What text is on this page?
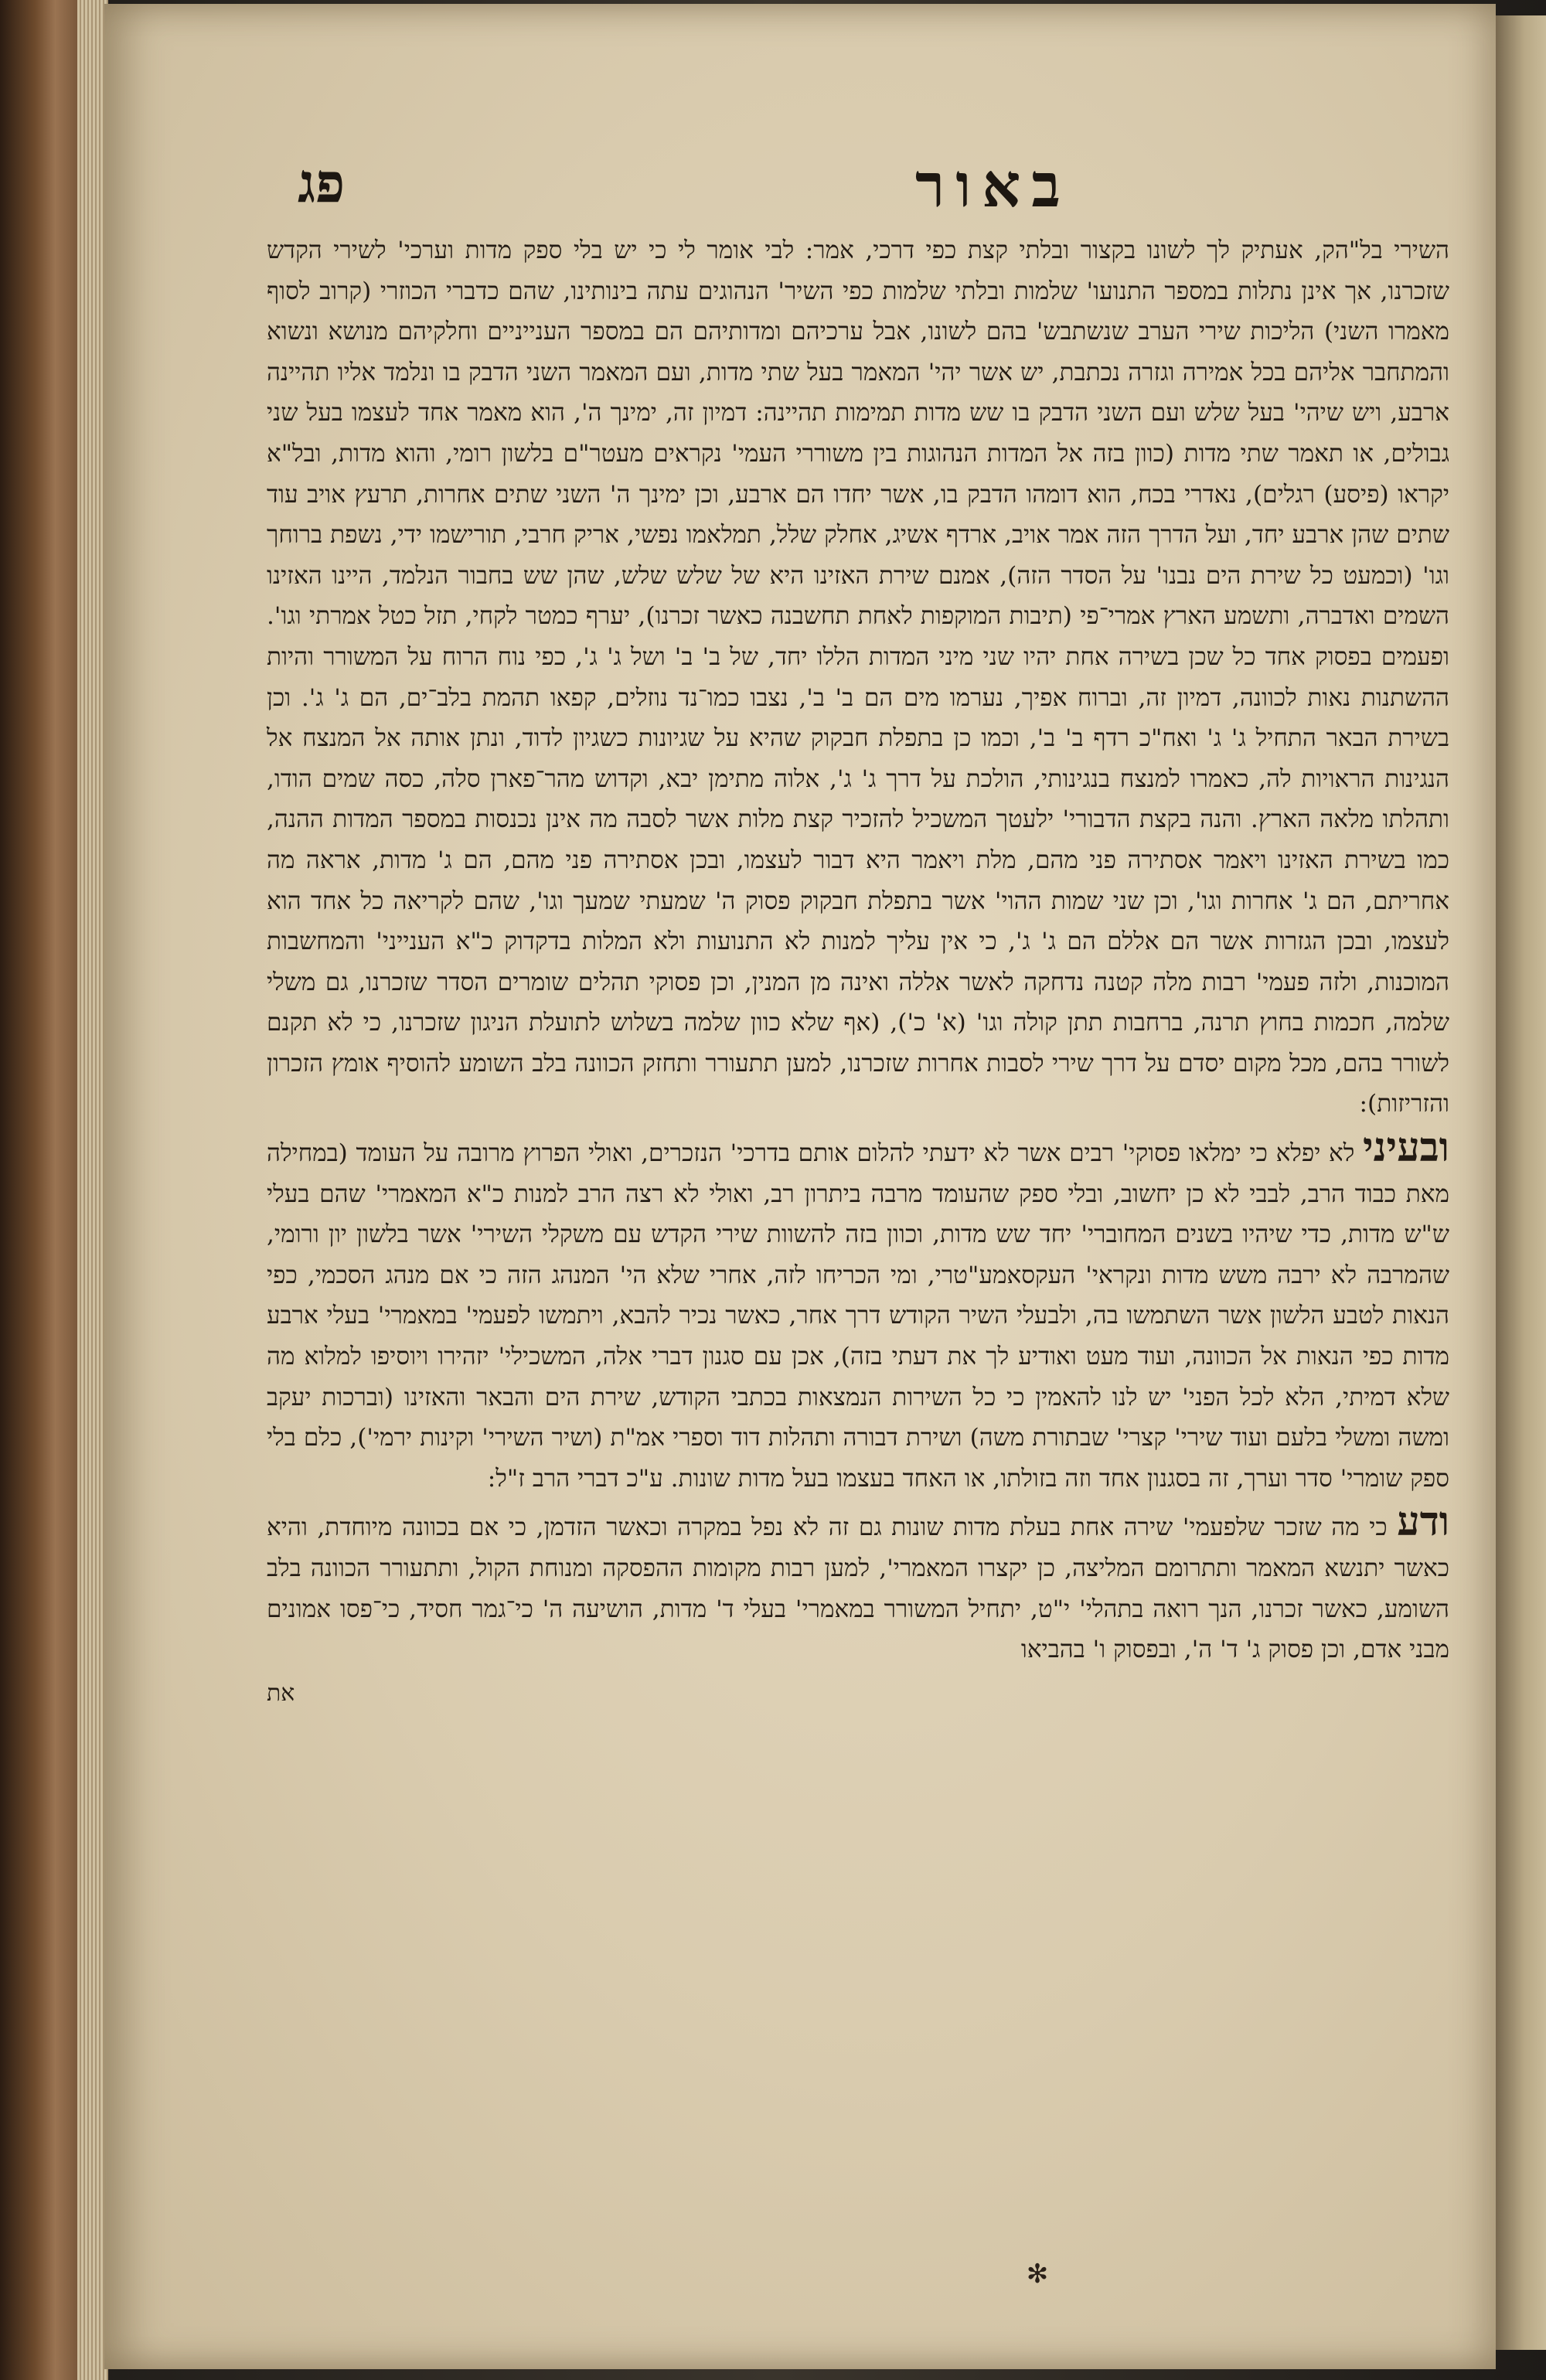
באור
פג

השירי בל"הק, אעתיק לך לשונו בקצור ובלתי קצת כפי דרכי, אמר: לבי אומר לי כי יש בלי ספק מדות וערכי' לשירי הקדש שזכרנו, אך אינן נתלות במספר התנועו' שלמות ובלתי שלמות כפי השיר' הנהוגים עתה בינותינו, שהם כדברי הכוזרי (קרוב לסוף מאמרו השני) הליכות שירי הערב שנשתבש' בהם לשונו, אבל ערכיהם ומדותיהם הם במספר הענייניים וחלקיהם מנושא ונשוא והמתחבר אליהם בכל אמירה וגזרה נכתבת, יש אשר יהי' המאמר בעל שתי מדות, ועם המאמר השני הדבק בו ונלמד אליו תהיינה ארבע, ויש שיהי' בעל שלש ועם השני הדבק בו שש מדות תמימות תהיינה: דמיון זה, ימינך ה', הוא מאמר אחד לעצמו בעל שני גבולים, או תאמר שתי מדות (כוון בזה אל המדות הנהוגות בין משוררי העמי' נקראים מעטר"ם בלשון רומי, והוא מדות, ובל"א יקראו (פיסע) רגלים), נאדרי בכח, הוא דומהו הדבק בו, אשר יחדו הם ארבע, וכן ימינך ה' השני שתים אחרות, תרעץ אויב עוד שתים שהן ארבע יחד, ועל הדרך הזה אמר אויב, ארדף אשיג, אחלק שלל, תמלאמו נפשי, אריק חרבי, תורישמו ידי, נשפת ברוחך וגו' (וכמעט כל שירת הים נבנו' על הסדר הזה), אמנם שירת האזינו היא של שלש שלש, שהן שש בחבור הנלמד, היינו האזינו השמים ואדברה, ותשמע הארץ אמרי־פי (תיבות המוקפות לאחת תחשבנה כאשר זכרנו), יערף כמטר לקחי, תזל כטל אמרתי וגו'. ופעמים בפסוק אחד כל שכן בשירה אחת יהיו שני מיני המדות הללו יחד, של ב' ב' ושל ג' ג', כפי נוח הרוח על המשורר והיות ההשתנות נאות לכוונה, דמיון זה, וברוח אפיך, נערמו מים הם ב' ב', נצבו כמו־נד נוזלים, קפאו תהמת בלב־ים, הם ג' ג'. וכן בשירת הבאר התחיל ג' ג' ואח"כ רדף ב' ב', וכמו כן בתפלת חבקוק שהיא על שגיונות כשגיון לדוד, ונתן אותה אל המנצח אל הנגינות הראויות לה, כאמרו למנצח בנגינותי, הולכת על דרך ג' ג', אלוה מתימן יבא, וקדוש מהר־פארן סלה, כסה שמים הודו, ותהלתו מלאה הארץ. והנה בקצת הדבורי' ילעטך המשכיל להזכיר קצת מלות אשר לסבה מה אינן נכנסות במספר המדות ההנה, כמו בשירת האזינו ויאמר אסתירה פני מהם, מלת ויאמר היא דבור לעצמו, ובכן אסתירה פני מהם, הם ג' מדות, אראה מה אחריתם, הם ג' אחרות וגו', וכן שני שמות ההוי' אשר בתפלת חבקוק פסוק ה' שמעתי שמעך וגו', שהם לקריאה כל אחד הוא לעצמו, ובכן הגזרות אשר הם אללם הם ג' ג', כי אין עליך למנות לא התנועות ולא המלות בדקדוק כ"א הענייני' והמחשבות המוכנות, ולזה פעמי' רבות מלה קטנה נדחקה לאשר אללה ואינה מן המנין, וכן פסוקי תהלים שומרים הסדר שזכרנו, גם משלי שלמה, חכמות בחוץ תרנה, ברחבות תתן קולה וגו' (א' כ'), (אף שלא כוון שלמה בשלוש לתועלת הניגון שזכרנו, כי לא תקנם לשורר בהם, מכל מקום יסדם על דרך שירי לסבות אחרות שזכרנו, למען תתעורר ותחזק הכוונה בלב השומע להוסיף אומץ הזכרון והזריזות):

ובעיני לא יפלא כי ימלאו פסוקי' רבים אשר לא ידעתי להלום אותם בדרכי' הנזכרים, ואולי הפרוץ מרובה על העומד (במחילה מאת כבוד הרב, לבבי לא כן יחשוב, ובלי ספק שהעומד מרבה ביתרון רב, ואולי לא רצה הרב למנות כ"א המאמרי' שהם בעלי ש"ש מדות, כדי שיהיו בשנים המחוברי' יחד שש מדות, וכוון בזה להשוות שירי הקדש עם משקלי השירי' אשר בלשון יון ורומי, שהמרבה לא ירבה משש מדות ונקראי' העקסאמע"טרי, ומי הכריחו לזה, אחרי שלא הי' המנהג הזה כי אם מנהג הסכמי, כפי הנאות לטבע הלשון אשר השתמשו בה, ולבעלי השיר הקודש דרך אחר, כאשר נכיר להבא, ויתמשו לפעמי' במאמרי' בעלי ארבע מדות כפי הנאות אל הכוונה, ועוד מעט ואודיע לך את דעתי בזה), אכן עם סגנון דברי אלה, המשכילי' יזהירו ויוסיפו למלוא מה שלא דמיתי, הלא לכל הפני' יש לנו להאמין כי כל השירות הנמצאות בכתבי הקודש, שירת הים והבאר והאזינו (וברכות יעקב ומשה ומשלי בלעם ועוד שירי' קצרי' שבתורת משה) ושירת דבורה ותהלות דוד וספרי אמ"ת (ושיר השירי' וקינות ירמי'), כלם בלי ספק שומרי' סדר וערך, זה בסגנון אחד וזה בזולתו, או האחד בעצמו בעל מדות שונות. ע"כ דברי הרב ז"ל:

ודע כי מה שזכר שלפעמי' שירה אחת בעלת מדות שונות גם זה לא נפל במקרה וכאשר הזדמן, כי אם בכוונה מיוחדת, והיא כאשר יתנשא המאמר ותתרומם המליצה, כן יקצרו המאמרי', למען רבות מקומות ההפסקה ומנוחת הקול, ותתעורר הכוונה בלב השומע, כאשר זכרנו, הנך רואה בתהלי' י"ט, יתחיל המשורר במאמרי' בעלי ד' מדות, הושיעה ה' כי־גמר חסיד, כי־פסו אמונים מבני אדם, וכן פסוק ג' ד' ה', ובפסוק ו' בהביאו

את

✻
